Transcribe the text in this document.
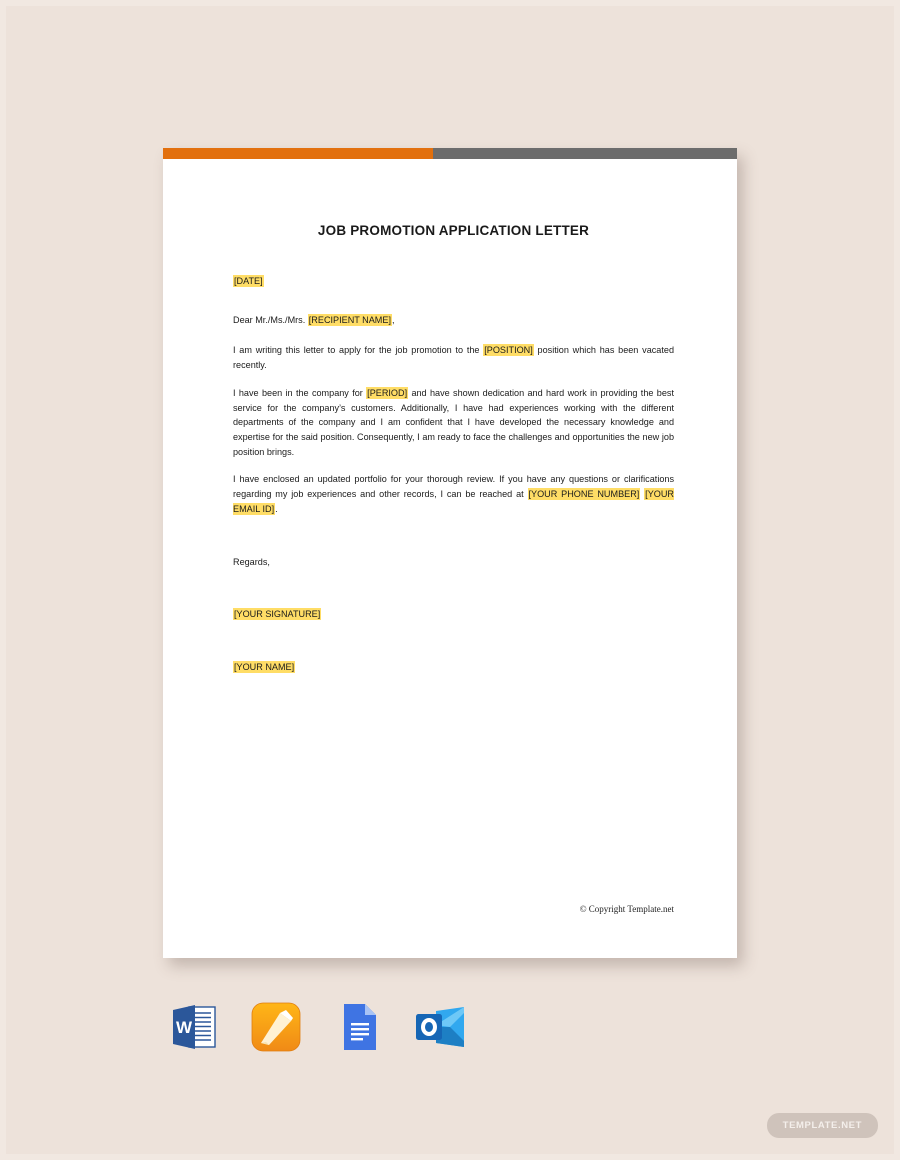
JOB PROMOTION APPLICATION LETTER

[DATE]

Dear Mr./Ms./Mrs. [RECIPIENT NAME],

I am writing this letter to apply for the job promotion to the [POSITION] position which has been vacated recently.

I have been in the company for [PERIOD] and have shown dedication and hard work in providing the best service for the company’s customers. Additionally, I have had experiences working with the different departments of the company and I am confident that I have developed the necessary knowledge and expertise for the said position. Consequently, I am ready to face the challenges and opportunities the new job position brings.

I have enclosed an updated portfolio for your thorough review. If you have any questions or clarifications regarding my job experiences and other records, I can be reached at [YOUR PHONE NUMBER] [YOUR EMAIL ID].

Regards,

[YOUR SIGNATURE]

[YOUR NAME]

© Copyright Template.net
W
TEMPLATE.NET
